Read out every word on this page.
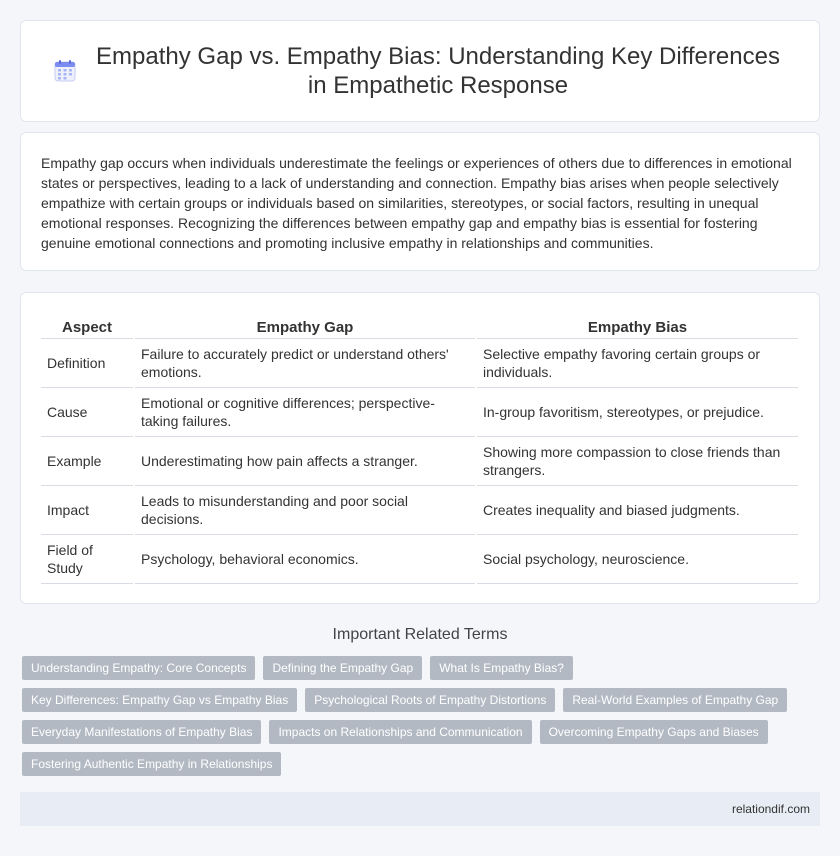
Empathy Gap vs. Empathy Bias: Understanding Key Differences in Empathetic Response

Empathy gap occurs when individuals underestimate the feelings or experiences of others due to differences in emotional states or perspectives, leading to a lack of understanding and connection. Empathy bias arises when people selectively empathize with certain groups or individuals based on similarities, stereotypes, or social factors, resulting in unequal emotional responses. Recognizing the differences between empathy gap and empathy bias is essential for fostering genuine emotional connections and promoting inclusive empathy in relationships and communities.

Aspect	Empathy Gap	Empathy Bias
Definition	Failure to accurately predict or understand others' emotions.	Selective empathy favoring certain groups or individuals.
Cause	Emotional or cognitive differences; perspective-taking failures.	In-group favoritism, stereotypes, or prejudice.
Example	Underestimating how pain affects a stranger.	Showing more compassion to close friends than strangers.
Impact	Leads to misunderstanding and poor social decisions.	Creates inequality and biased judgments.
Field of Study	Psychology, behavioral economics.	Social psychology, neuroscience.
Important Related Terms
Understanding Empathy: Core Concepts	Defining the Empathy Gap	What Is Empathy Bias?
Key Differences: Empathy Gap vs Empathy Bias	Psychological Roots of Empathy Distortions	Real-World Examples of Empathy Gap
Everyday Manifestations of Empathy Bias	Impacts on Relationships and Communication	Overcoming Empathy Gaps and Biases
Fostering Authentic Empathy in Relationships
relationdif.com
